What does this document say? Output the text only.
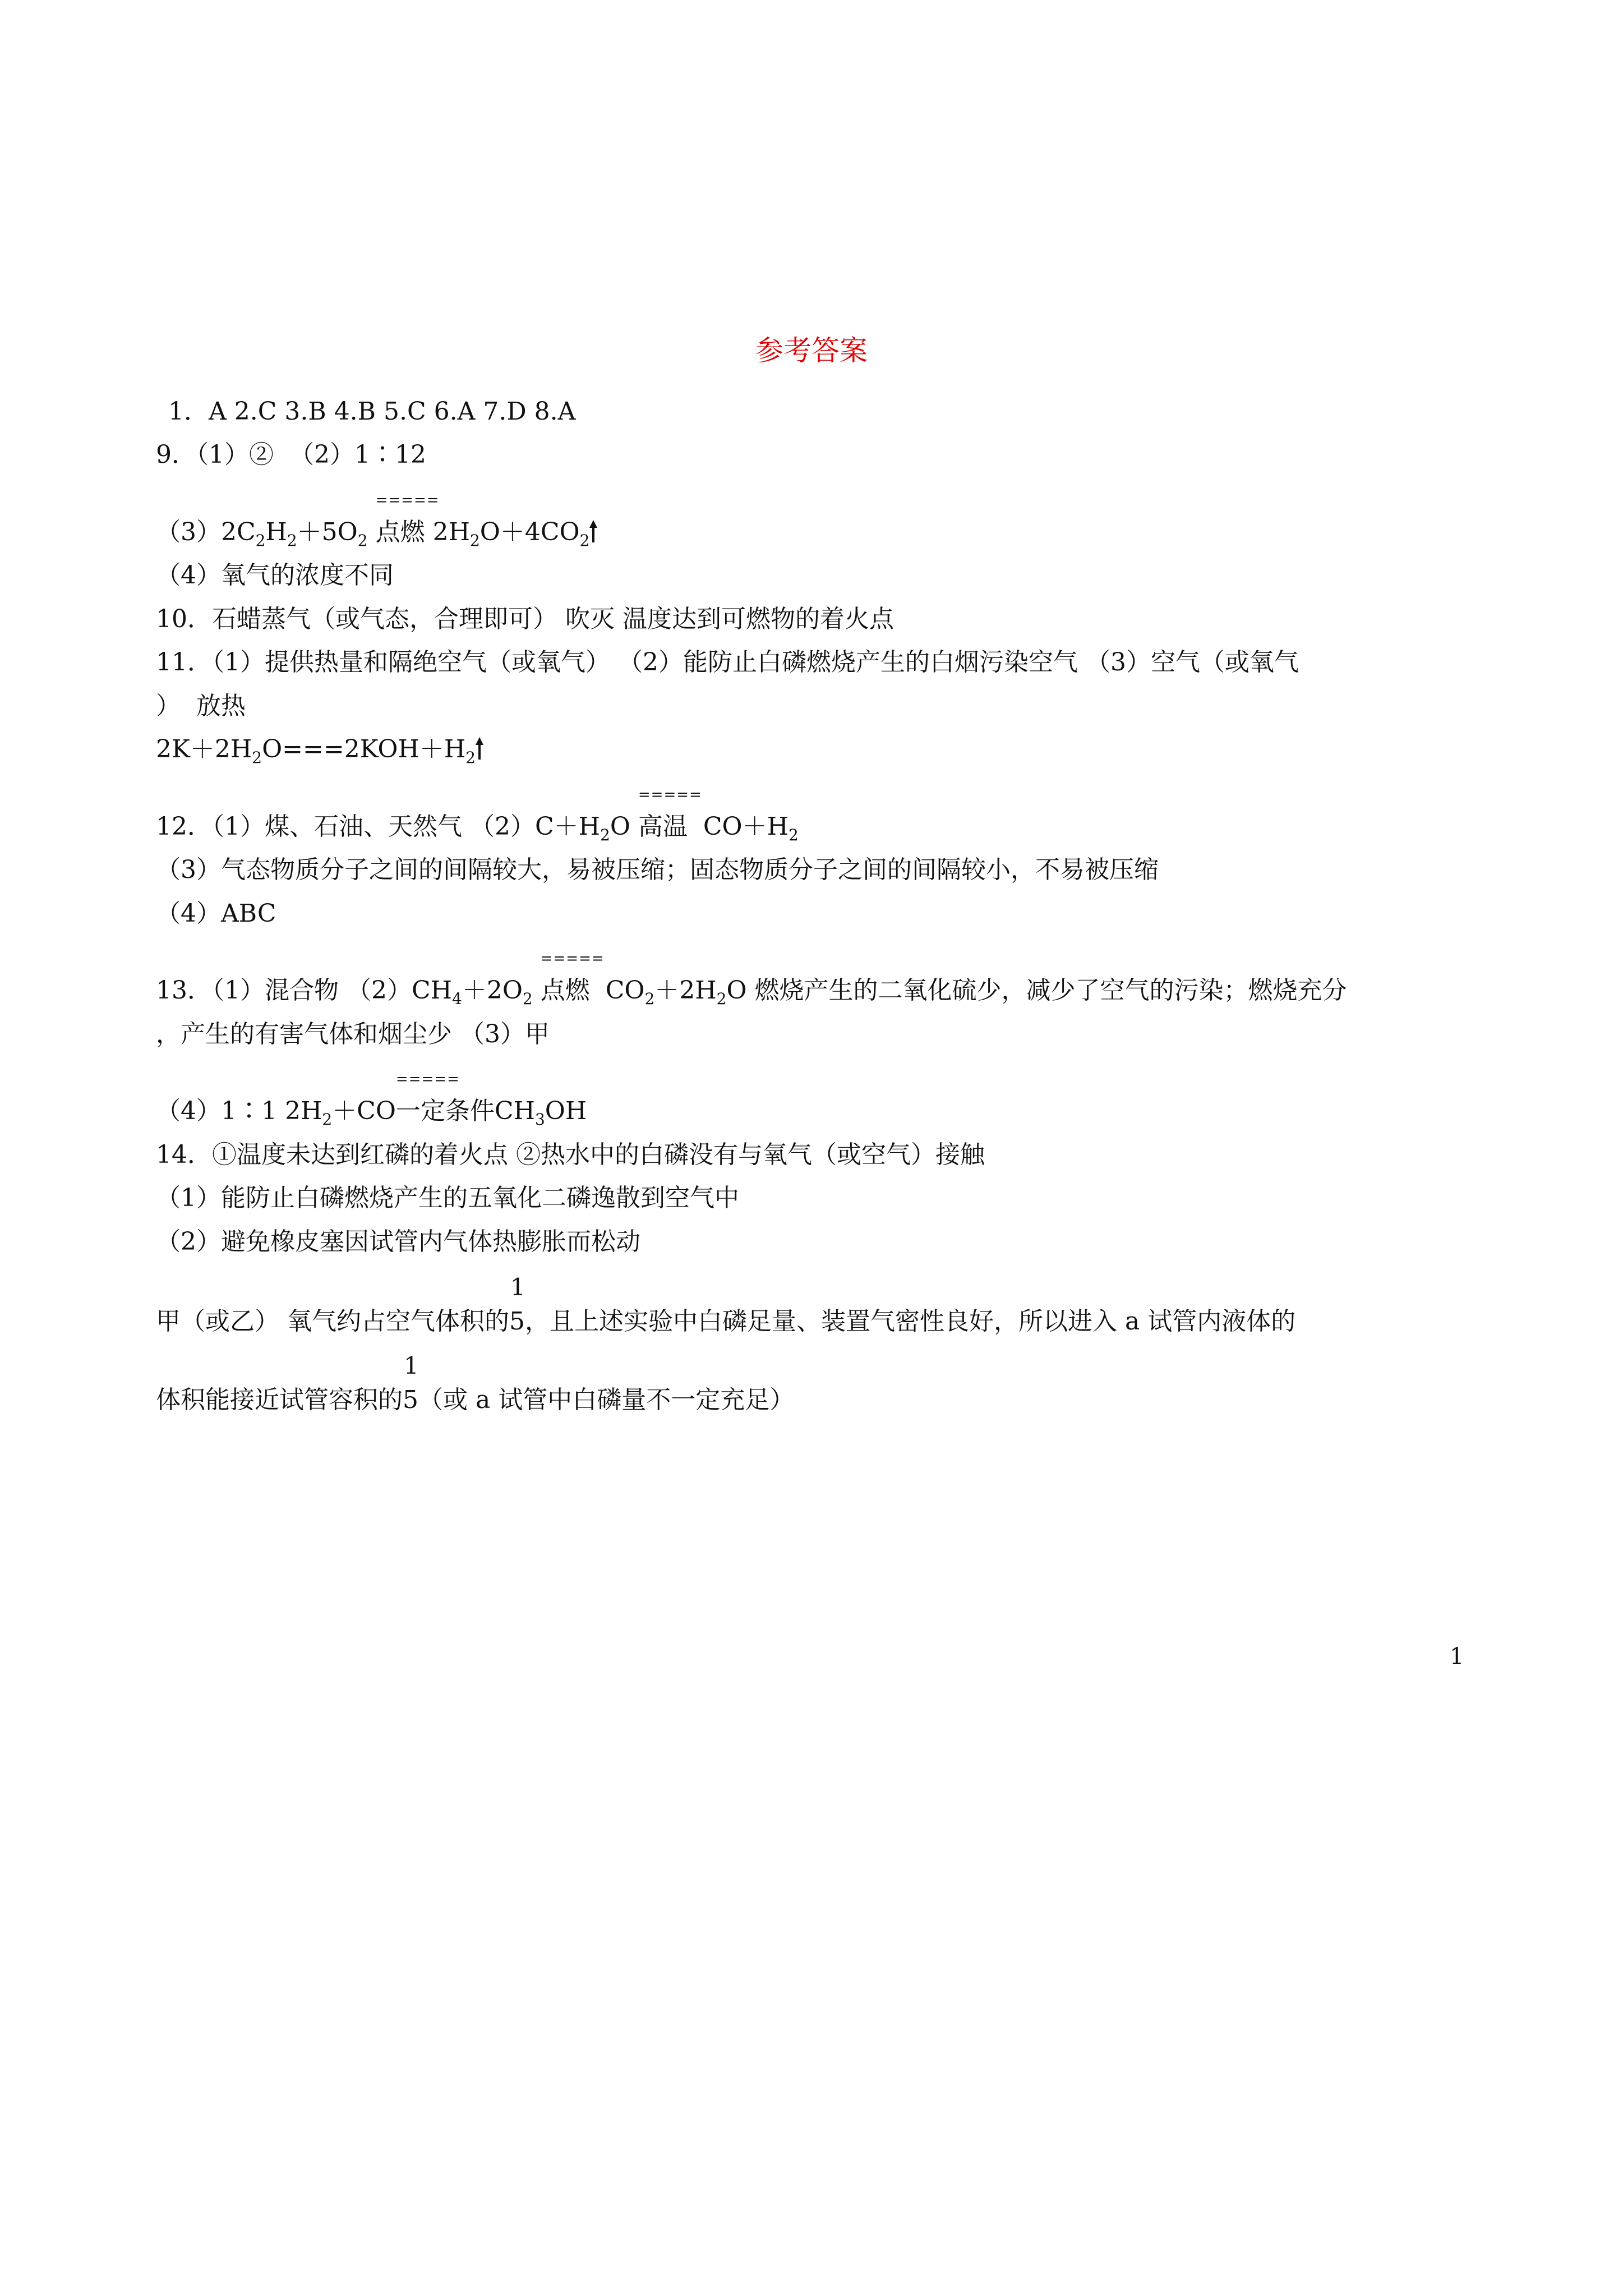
参考答案
1．A 2.C 3.B 4.B 5.C 6.A 7.D 8.A
9．（1）②  （2）1∶12
$(3)2C_2H_2+5O_2$
=====
点燃 $2H_2O+4CO_2$
（4）氧气的浓度不同
10．石蜡蒸气（或气态，合理即可） 吹灭 温度达到可燃物的着火点
11．（1）提供热量和隔绝空气（或氧气） （2）能防止白磷燃烧产生的白烟污染空气 （3）空气（或氧气
）  放热
$2K+2H_2O===2KOH+H_2$
12．（1）煤、石油、天然气 $(2)C+H_2O$
=====
高温  $CO+H_2$
（3）气态物质分子之间的间隔较大，易被压缩；固态物质分子之间的间隔较小，不易被压缩
（4）ABC
13．（1）混合物 $(2)CH_4+2O_2$
=====
点燃  $CO_2+2H_2O$ 燃烧产生的二氧化硫少，减少了空气的污染；燃烧充分
，产生的有害气体和烟尘少 （3）甲
（4）1∶1 $2H_2+CO$
=====
一定条件$CH_3OH$
14．①温度未达到红磷的着火点 ②热水中的白磷没有与氧气（或空气）接触
（1）能防止白磷燃烧产生的五氧化二磷逸散到空气中
（2）避免橡皮塞因试管内气体热膨胀而松动
甲（或乙） 氧气约占空气体积的
1
5，且上述实验中白磷足量、装置气密性良好，所以进入 a 试管内液体的
体积能接近试管容积的
1
5（或 a 试管中白磷量不一定充足）
1
